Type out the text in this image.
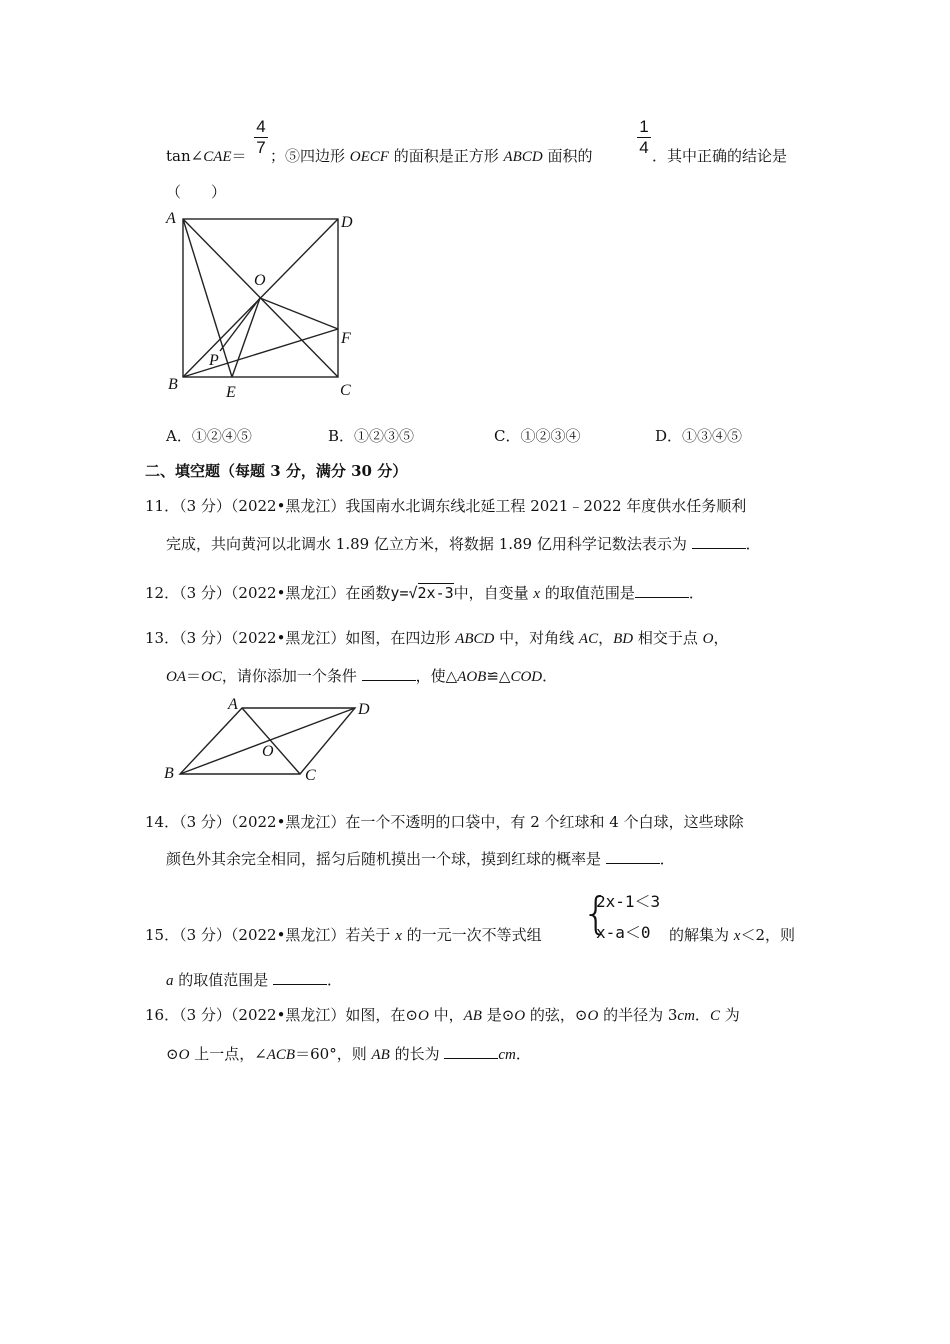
tan∠CAE＝
4
7 ；⑤四边形 OECF 的面积是正方形 ABCD 面积的
1
4 ．其中正确的结论是
（　　）
A	D
O
F
P
B	E	C
A．①②④⑤	B．①②③⑤	C．①②③④	D．①③④⑤
二、填空题（每题 3 分，满分 30 分）
11．（3 分）（2022•黑龙江）我国南水北调东线北延工程 2021﹣2022 年度供水任务顺利
完成，共向黄河以北调水 1.89 亿立方米，将数据 1.89 亿用科学记数法表示为	．
12．（3 分）（2022•黑龙江）在函数y=√2x-3中，自变量 x 的取值范围是	．
13．（3 分）（2022•黑龙江）如图，在四边形 ABCD 中，对角线 AC，BD 相交于点 O，
OA＝OC，请你添加一个条件	，使△AOB≌△COD．
A	D
O
B	C
14．（3 分）（2022•黑龙江）在一个不透明的口袋中，有 2 个红球和 4 个白球，这些球除
颜色外其余完全相同，摇匀后随机摸出一个球，摸到红球的概率是	．
{
2x-1＜3
x-a＜0
15．（3 分）（2022•黑龙江）若关于 x 的一元一次不等式组	的解集为 x＜2，则
a 的取值范围是	．
16．（3 分）（2022•黑龙江）如图，在⊙O 中，AB 是⊙O 的弦，⊙O 的半径为 3cm．C 为
⊙O 上一点，∠ACB＝60°，则 AB 的长为	cm．
